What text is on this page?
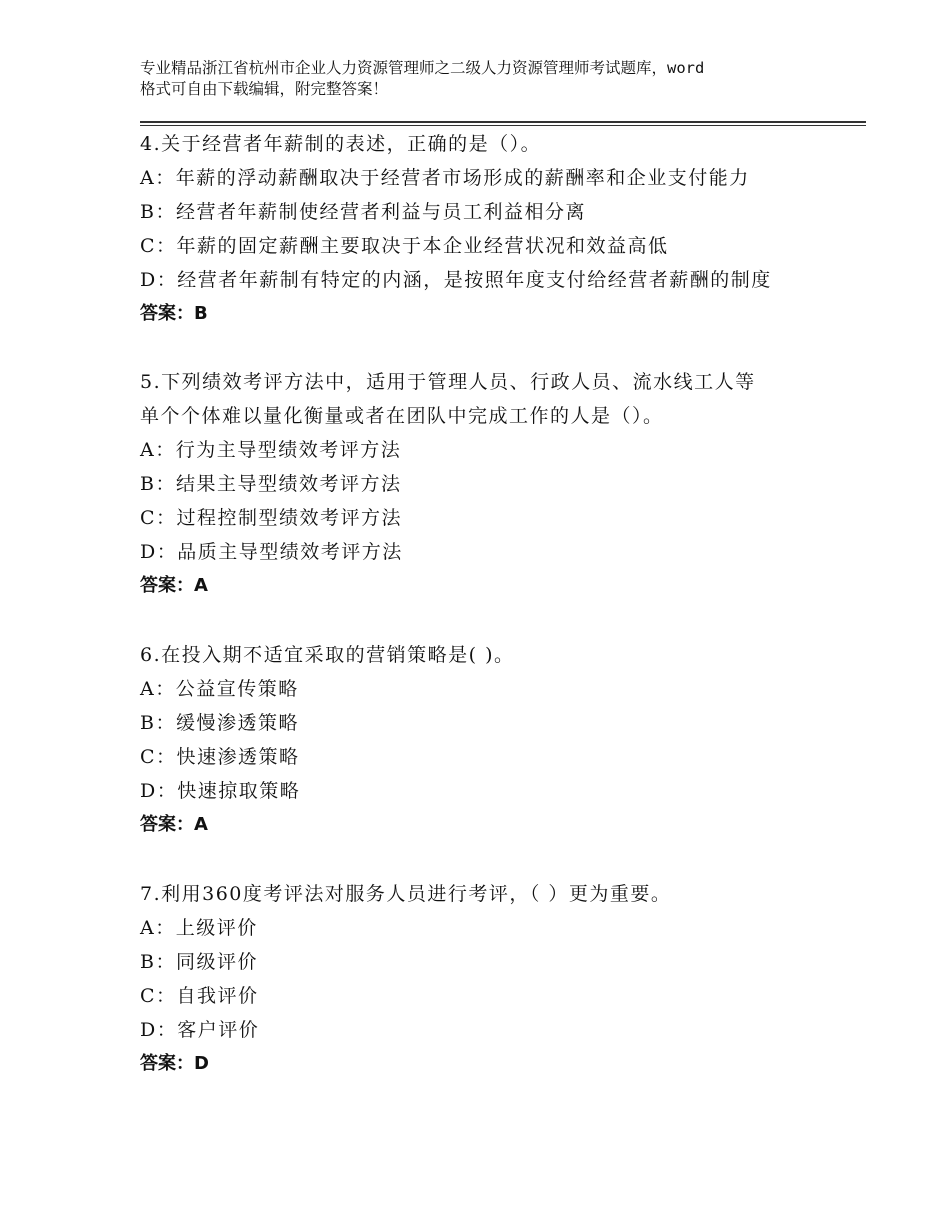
专业精品浙江省杭州市企业人力资源管理师之二级人力资源管理师考试题库，word
格式可自由下载编辑，附完整答案！

4.关于经营者年薪制的表述，正确的是（）。

A：年薪的浮动薪酬取决于经营者市场形成的薪酬率和企业支付能力
B：经营者年薪制使经营者利益与员工利益相分离
C：年薪的固定薪酬主要取决于本企业经营状况和效益高低
D：经营者年薪制有特定的内涵，是按照年度支付给经营者薪酬的制度
答案：B

5.下列绩效考评方法中，适用于管理人员、行政人员、流水线工人等

单个个体难以量化衡量或者在团队中完成工作的人是（）。

A：行为主导型绩效考评方法
B：结果主导型绩效考评方法
C：过程控制型绩效考评方法
D：品质主导型绩效考评方法
答案：A

6.在投入期不适宜采取的营销策略是( )。

A：公益宣传策略
B：缓慢渗透策略
C：快速渗透策略
D：快速掠取策略
答案：A

7.利用360度考评法对服务人员进行考评，（ ）更为重要。

A：上级评价
B：同级评价
C：自我评价
D：客户评价
答案：D
